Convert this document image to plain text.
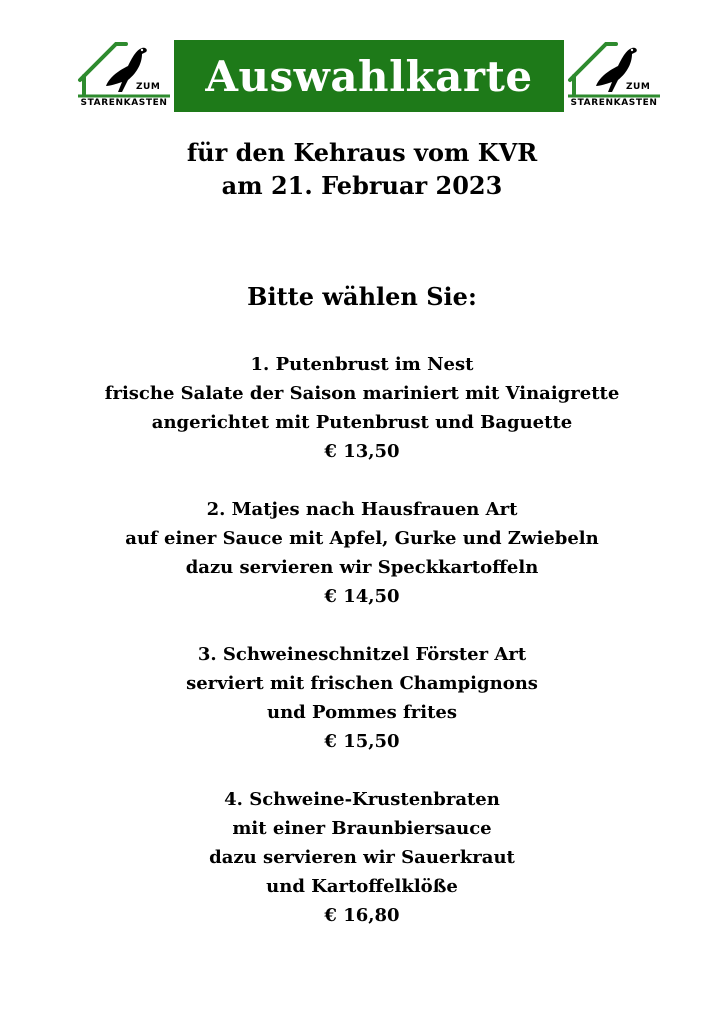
ZUM
STARENKASTEN
Auswahlkarte	ZUM
STARENKASTEN
für den Kehraus vom KVR
am 21. Februar 2023
Bitte wählen Sie:
1. Putenbrust im Nest
frische Salate der Saison mariniert mit Vinaigrette
angerichtet mit Putenbrust und Baguette
€ 13,50
2. Matjes nach Hausfrauen Art
auf einer Sauce mit Apfel, Gurke und Zwiebeln
dazu servieren wir Speckkartoffeln
€ 14,50
3. Schweineschnitzel Förster Art
serviert mit frischen Champignons
und Pommes frites
€ 15,50
4. Schweine-Krustenbraten
mit einer Braunbiersauce
dazu servieren wir Sauerkraut
und Kartoffelklöße
€ 16,80
